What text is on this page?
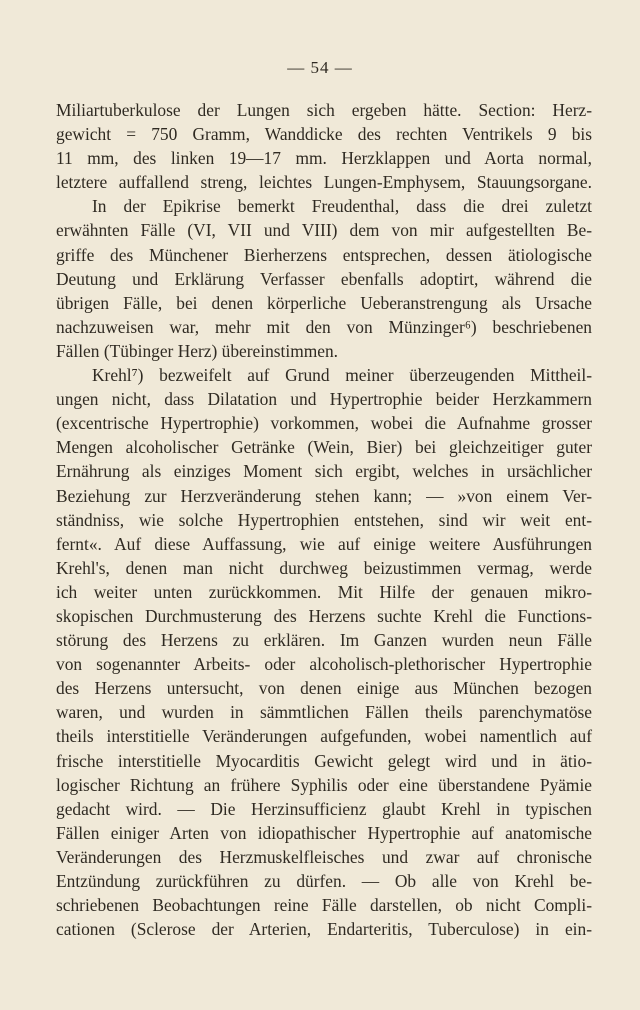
— 54 —
Miliartuberkulose der Lungen sich ergeben hätte. Section: Herz-
gewicht = 750 Gramm, Wanddicke des rechten Ventrikels 9 bis
11 mm, des linken 19—17 mm. Herzklappen und Aorta normal,
letztere auffallend streng, leichtes Lungen-Emphysem, Stauungsorgane.
In der Epikrise bemerkt Freudenthal, dass die drei zuletzt
erwähnten Fälle (VI, VII und VIII) dem von mir aufgestellten Be-
griffe des Münchener Bierherzens entsprechen, dessen ätiologische
Deutung und Erklärung Verfasser ebenfalls adoptirt, während die
übrigen Fälle, bei denen körperliche Ueberanstrengung als Ursache
nachzuweisen war, mehr mit den von Münzinger⁶) beschriebenen
Fällen (Tübinger Herz) übereinstimmen.
Krehl⁷) bezweifelt auf Grund meiner überzeugenden Mittheil-
ungen nicht, dass Dilatation und Hypertrophie beider Herzkammern
(excentrische Hypertrophie) vorkommen, wobei die Aufnahme grosser
Mengen alcoholischer Getränke (Wein, Bier) bei gleichzeitiger guter
Ernährung als einziges Moment sich ergibt, welches in ursächlicher
Beziehung zur Herzveränderung stehen kann; — »von einem Ver-
ständniss, wie solche Hypertrophien entstehen, sind wir weit ent-
fernt«. Auf diese Auffassung, wie auf einige weitere Ausführungen
Krehl's, denen man nicht durchweg beizustimmen vermag, werde
ich weiter unten zurückkommen. Mit Hilfe der genauen mikro-
skopischen Durchmusterung des Herzens suchte Krehl die Functions-
störung des Herzens zu erklären. Im Ganzen wurden neun Fälle
von sogenannter Arbeits- oder alcoholisch-plethorischer Hypertrophie
des Herzens untersucht, von denen einige aus München bezogen
waren, und wurden in sämmtlichen Fällen theils parenchymatöse
theils interstitielle Veränderungen aufgefunden, wobei namentlich auf
frische interstitielle Myocarditis Gewicht gelegt wird und in ätio-
logischer Richtung an frühere Syphilis oder eine überstandene Pyämie
gedacht wird. — Die Herzinsufficienz glaubt Krehl in typischen
Fällen einiger Arten von idiopathischer Hypertrophie auf anatomische
Veränderungen des Herzmuskelfleisches und zwar auf chronische
Entzündung zurückführen zu dürfen. — Ob alle von Krehl be-
schriebenen Beobachtungen reine Fälle darstellen, ob nicht Compli-
cationen (Sclerose der Arterien, Endarteritis, Tuberculose) in ein-
